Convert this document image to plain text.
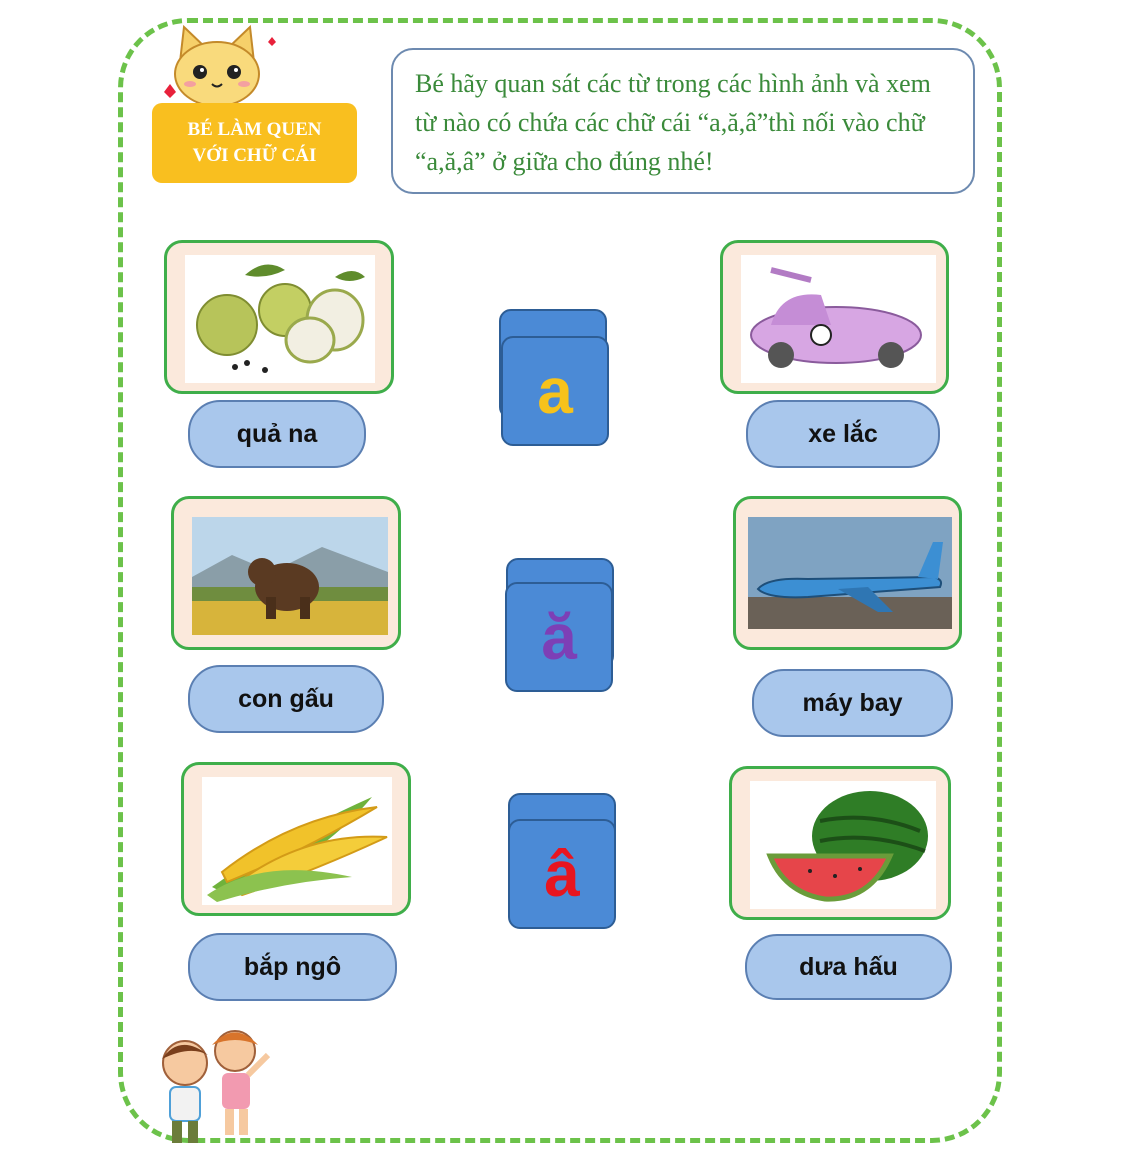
BÉ LÀM QUEN
VỚI CHỮ CÁI
Bé hãy quan sát các từ trong các hình ảnh và xem từ nào có chứa các chữ cái “a,ă,â”thì nối vào chữ “a,ă,â” ở giữa cho đúng nhé!
quả na
con gấu
bắp ngô
xe lắc
máy bay
dưa hấu
a
ă
â
